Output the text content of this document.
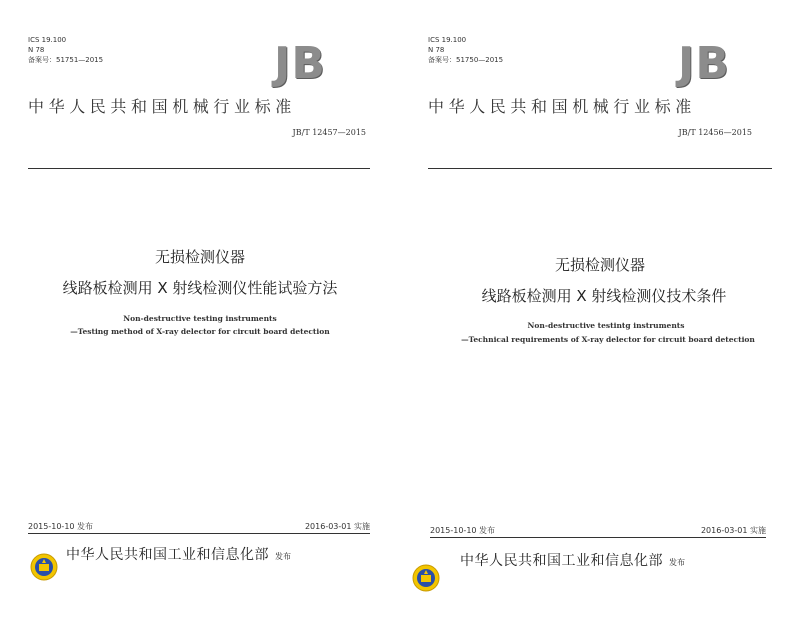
ICS 19.100
N 78
备案号：51751—2015	JB
中华人民共和国机械行业标准
JB/T 12457—2015
无损检测仪器
线路板检测用 X 射线检测仪性能试验方法
Non-destructive testing instruments
—Testing method of X-ray delector for circuit board detection
2015-10-10 发布	2016-03-01 实施
中华人民共和国工业和信息化部 发布
ICS 19.100
N 78
备案号：51750—2015	JB
中华人民共和国机械行业标准
JB/T 12456—2015
无损检测仪器
线路板检测用 X 射线检测仪技术条件
Non-destructive testintg instruments
—Technical requirements of X-ray delector for circuit board detection
2015-10-10 发布	2016-03-01 实施
中华人民共和国工业和信息化部 发布
